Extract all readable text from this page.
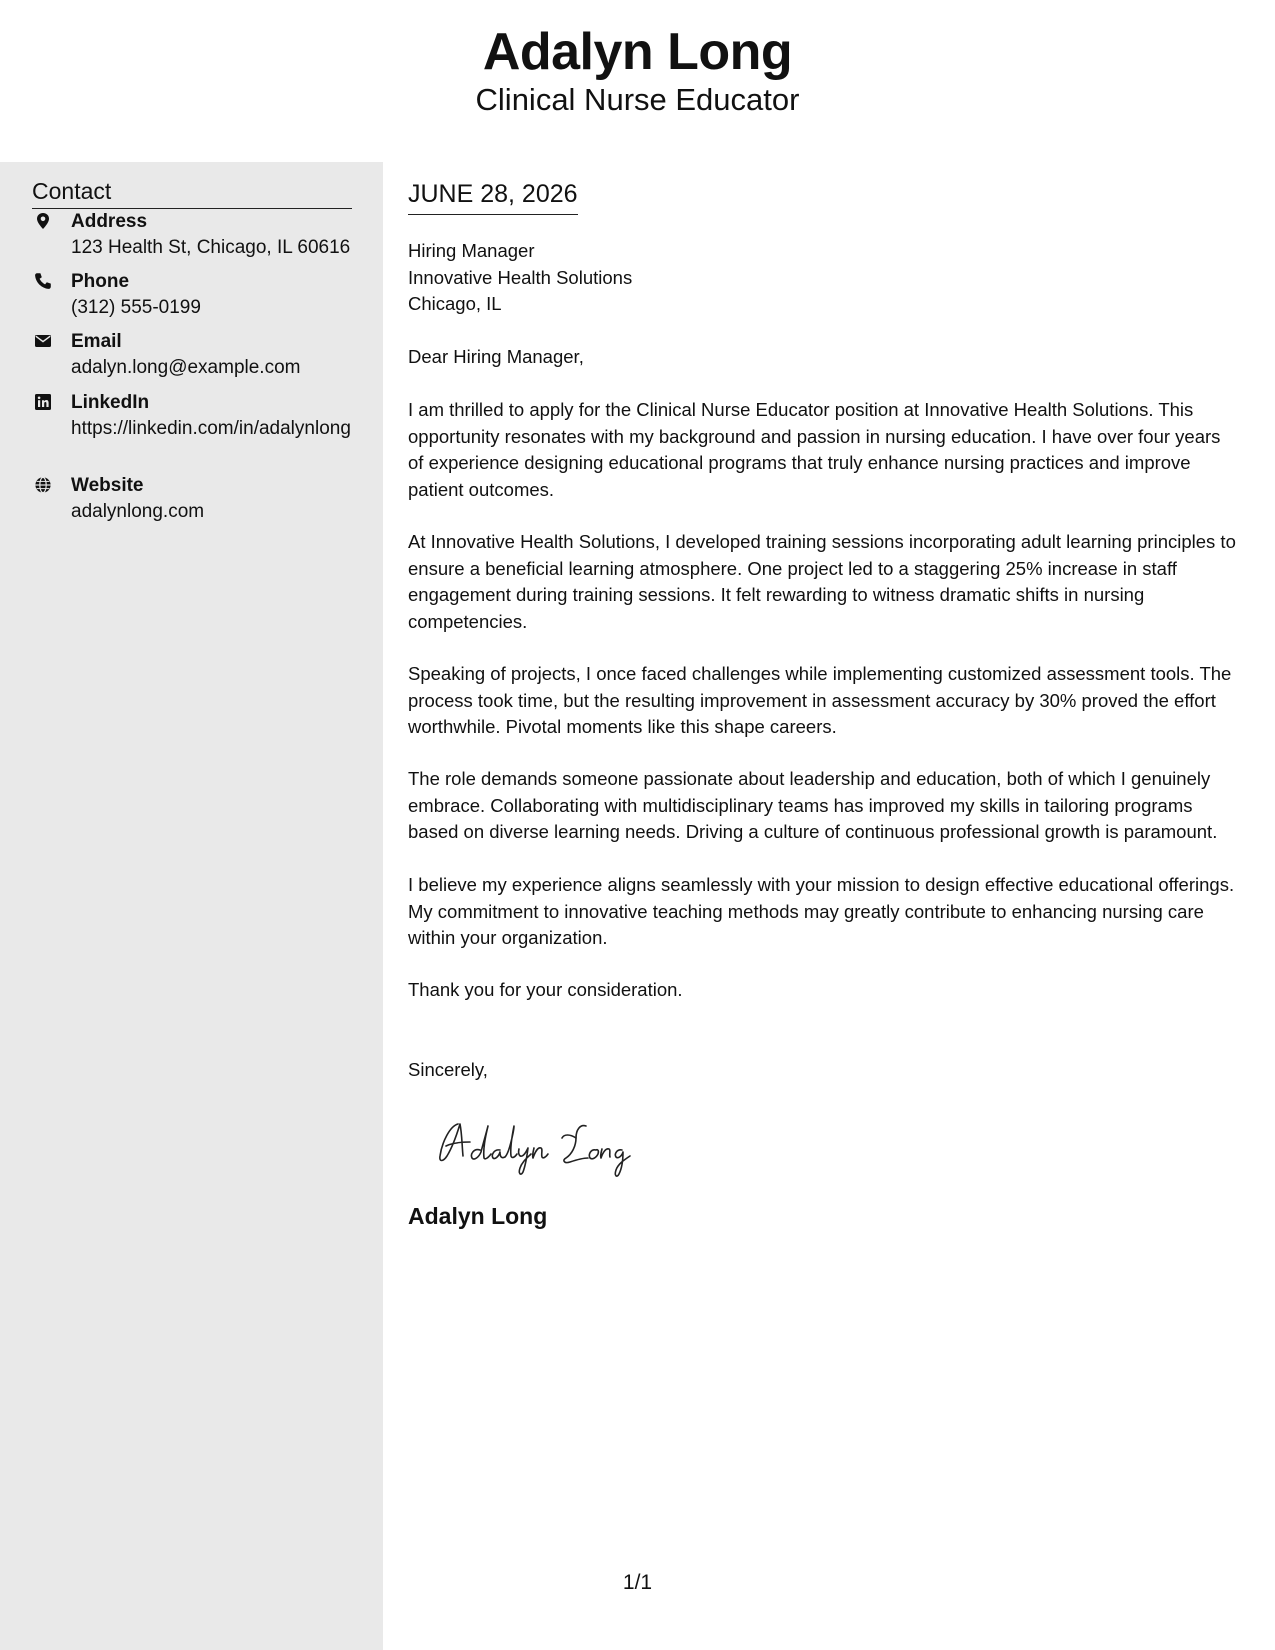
Adalyn Long
Clinical Nurse Educator
Contact
Address
123 Health St, Chicago, IL 60616
Phone
(312) 555-0199
Email
adalyn.long@example.com
LinkedIn
https://linkedin.com/in/adalynlong
Website
adalynlong.com
JUNE 28, 2026
Hiring Manager
Innovative Health Solutions
Chicago, IL
Dear Hiring Manager,
I am thrilled to apply for the Clinical Nurse Educator position at Innovative Health Solutions. This opportunity resonates with my background and passion in nursing education. I have over four years of experience designing educational programs that truly enhance nursing practices and improve patient outcomes.
At Innovative Health Solutions, I developed training sessions incorporating adult learning principles to ensure a beneficial learning atmosphere. One project led to a staggering 25% increase in staff engagement during training sessions. It felt rewarding to witness dramatic shifts in nursing competencies.
Speaking of projects, I once faced challenges while implementing customized assessment tools. The process took time, but the resulting improvement in assessment accuracy by 30% proved the effort worthwhile. Pivotal moments like this shape careers.
The role demands someone passionate about leadership and education, both of which I genuinely embrace. Collaborating with multidisciplinary teams has improved my skills in tailoring programs based on diverse learning needs. Driving a culture of continuous professional growth is paramount.
I believe my experience aligns seamlessly with your mission to design effective educational offerings. My commitment to innovative teaching methods may greatly contribute to enhancing nursing care within your organization.
Thank you for your consideration.
Sincerely,
Adalyn Long
1/1
